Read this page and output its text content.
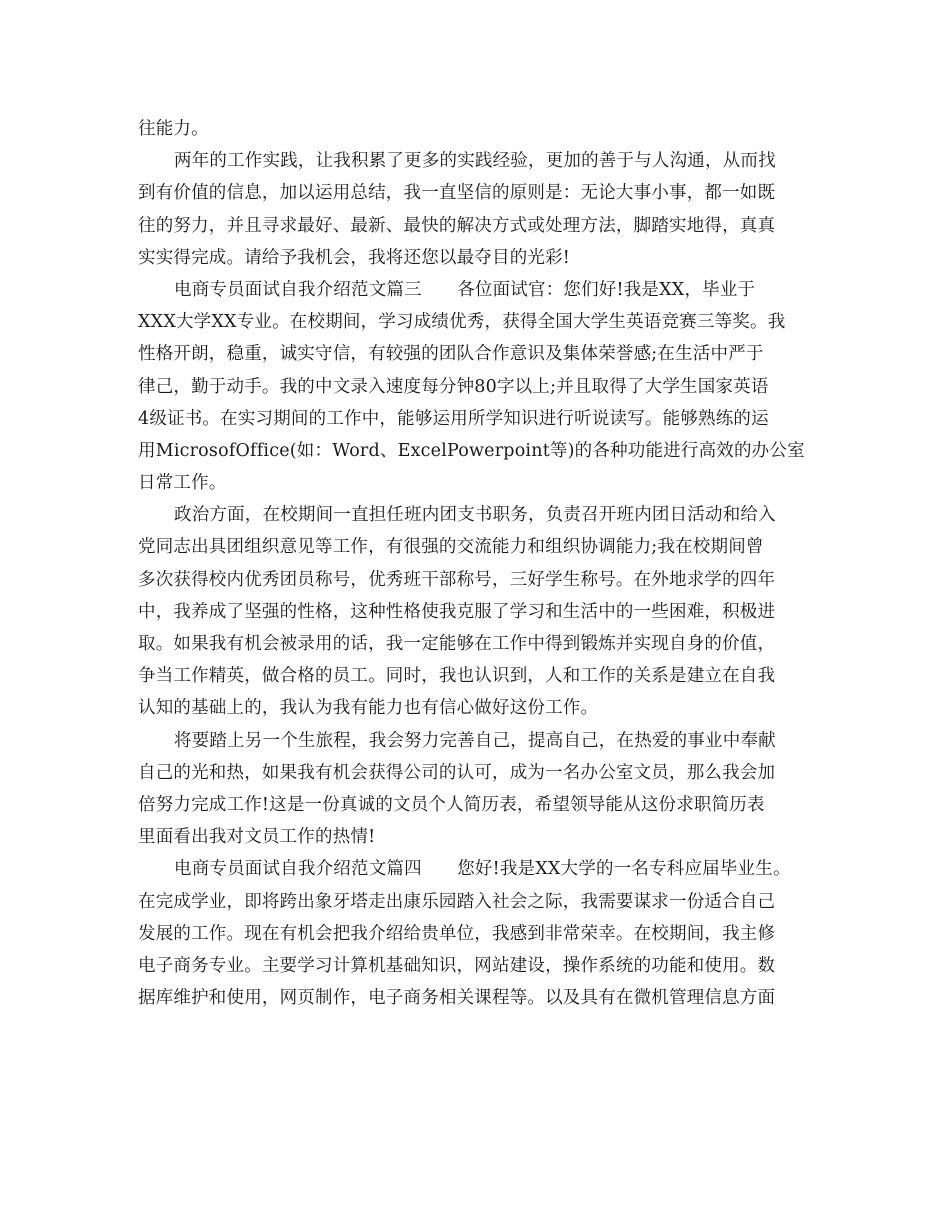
往能力。
两年的工作实践，让我积累了更多的实践经验，更加的善于与人沟通，从而找
到有价值的信息，加以运用总结，我一直坚信的原则是：无论大事小事，都一如既
往的努力，并且寻求最好、最新、最快的解决方式或处理方法，脚踏实地得，真真
实实得完成。请给予我机会，我将还您以最夺目的光彩!
电商专员面试自我介绍范文篇三　　各位面试官：您们好!我是XX，毕业于
XXX大学XX专业。在校期间，学习成绩优秀，获得全国大学生英语竞赛三等奖。我
性格开朗，稳重，诚实守信，有较强的团队合作意识及集体荣誉感;在生活中严于
律己，勤于动手。我的中文录入速度每分钟80字以上;并且取得了大学生国家英语
4级证书。在实习期间的工作中，能够运用所学知识进行听说读写。能够熟练的运
用MicrosofOffice(如：Word、ExcelPowerpoint等)的各种功能进行高效的办公室
日常工作。
政治方面，在校期间一直担任班内团支书职务，负责召开班内团日活动和给入
党同志出具团组织意见等工作，有很强的交流能力和组织协调能力;我在校期间曾
多次获得校内优秀团员称号，优秀班干部称号，三好学生称号。在外地求学的四年
中，我养成了坚强的性格，这种性格使我克服了学习和生活中的一些困难，积极进
取。如果我有机会被录用的话，我一定能够在工作中得到锻炼并实现自身的价值，
争当工作精英，做合格的员工。同时，我也认识到，人和工作的关系是建立在自我
认知的基础上的，我认为我有能力也有信心做好这份工作。
将要踏上另一个生旅程，我会努力完善自己，提高自己，在热爱的事业中奉献
自己的光和热，如果我有机会获得公司的认可，成为一名办公室文员，那么我会加
倍努力完成工作!这是一份真诚的文员个人简历表，希望领导能从这份求职简历表
里面看出我对文员工作的热情!
电商专员面试自我介绍范文篇四　　您好!我是XX大学的一名专科应届毕业生。
在完成学业，即将跨出象牙塔走出康乐园踏入社会之际，我需要谋求一份适合自己
发展的工作。现在有机会把我介绍给贵单位，我感到非常荣幸。在校期间，我主修
电子商务专业。主要学习计算机基础知识，网站建设，操作系统的功能和使用。数
据库维护和使用，网页制作，电子商务相关课程等。以及具有在微机管理信息方面
